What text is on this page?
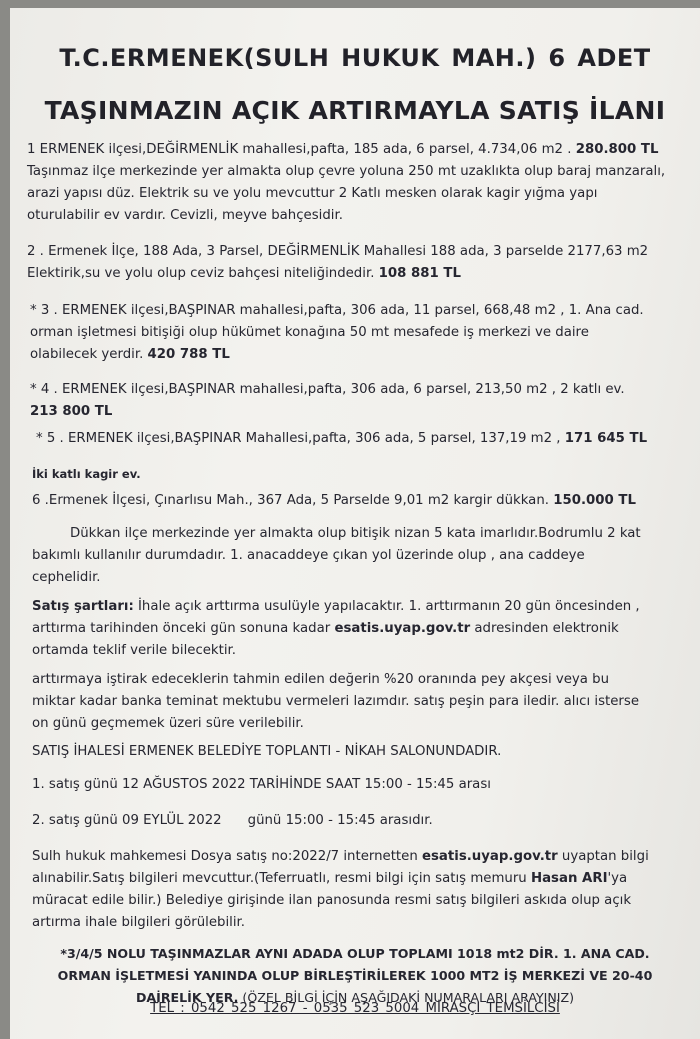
T.C.ERMENEK(SULH HUKUK MAH.) 6 ADET
TAŞINMAZIN AÇIK ARTIRMAYLA SATIŞ İLANI

1 ERMENEK ilçesi,DEĞİRMENLİK mahallesi,pafta, 185 ada, 6 parsel, 4.734,06 m2 . 280.800 TL Taşınmaz ilçe merkezinde yer almakta olup çevre yoluna 250 mt uzaklıkta olup baraj manzaralı, arazi yapısı düz. Elektrik su ve yolu mevcuttur 2 Katlı mesken olarak kagir yığma yapı oturulabilir ev vardır. Cevizli, meyve bahçesidir.

2 . Ermenek İlçe, 188 Ada, 3 Parsel, DEĞİRMENLİK Mahallesi 188 ada, 3 parselde 2177,63 m2 Elektirik,su ve yolu olup ceviz bahçesi niteliğindedir. 108 881 TL

* 3 . ERMENEK ilçesi,BAŞPINAR mahallesi,pafta, 306 ada, 11 parsel, 668,48 m2 , 1. Ana cad. orman işletmesi bitişiği olup hükümet konağına 50 mt mesafede iş merkezi ve daire olabilecek yerdir. 420 788 TL

* 4 . ERMENEK ilçesi,BAŞPINAR mahallesi,pafta, 306 ada, 6 parsel, 213,50 m2 , 2 katlı ev.
213 800 TL

* 5 . ERMENEK ilçesi,BAŞPINAR Mahallesi,pafta, 306 ada, 5 parsel, 137,19 m2 , 171 645 TL

İki katlı kagir ev.

6 .Ermenek İlçesi, Çınarlısu Mah., 367 Ada, 5 Parselde 9,01 m2 kargir dükkan. 150.000 TL

Dükkan ilçe merkezinde yer almakta olup bitişik nizan 5 kata imarlıdır.Bodrumlu 2 kat bakımlı kullanılır durumdadır. 1. anacaddeye çıkan yol üzerinde olup , ana caddeye cephelidir.

Satış şartları: İhale açık arttırma usulüyle yapılacaktır. 1. arttırmanın 20 gün öncesinden , arttırma tarihinden önceki gün sonuna kadar esatis.uyap.gov.tr adresinden elektronik ortamda teklif verile bilecektir.

arttırmaya iştirak edeceklerin tahmin edilen değerin %20 oranında pey akçesi veya bu miktar kadar banka teminat mektubu vermeleri lazımdır. satış peşin para iledir. alıcı isterse on günü geçmemek üzeri süre verilebilir.

SATIŞ İHALESİ ERMENEK BELEDİYE TOPLANTI - NİKAH SALONUNDADIR.

1. satış günü 12 AĞUSTOS 2022 TARİHİNDE SAAT 15:00 - 15:45 arası

2. satış günü 09 EYLÜL 2022 günü 15:00 - 15:45 arasıdır.

Sulh hukuk mahkemesi Dosya satış no:2022/7 internetten esatis.uyap.gov.tr uyaptan bilgi alınabilir.Satış bilgileri mevcuttur.(Teferruatlı, resmi bilgi için satış memuru Hasan ARI'ya müracat edile bilir.) Belediye girişinde ilan panosunda resmi satış bilgileri askıda olup açık artırma ihale bilgileri görülebilir.

*3/4/5 NOLU TAŞINMAZLAR AYNI ADADA OLUP TOPLAMI 1018 mt2 DİR. 1. ANA CAD.
ORMAN İŞLETMESİ YANINDA OLUP BİRLEŞTİRİLEREK 1000 MT2 İŞ MERKEZİ VE 20-40
DAİRELİK YER. (ÖZEL BİLGİ İÇİN AŞAĞIDAKİ NUMARALARI ARAYINIZ)
TEL : 0542 525 1267 - 0535 523 5004 MİRASÇI TEMSİLCİSİ
